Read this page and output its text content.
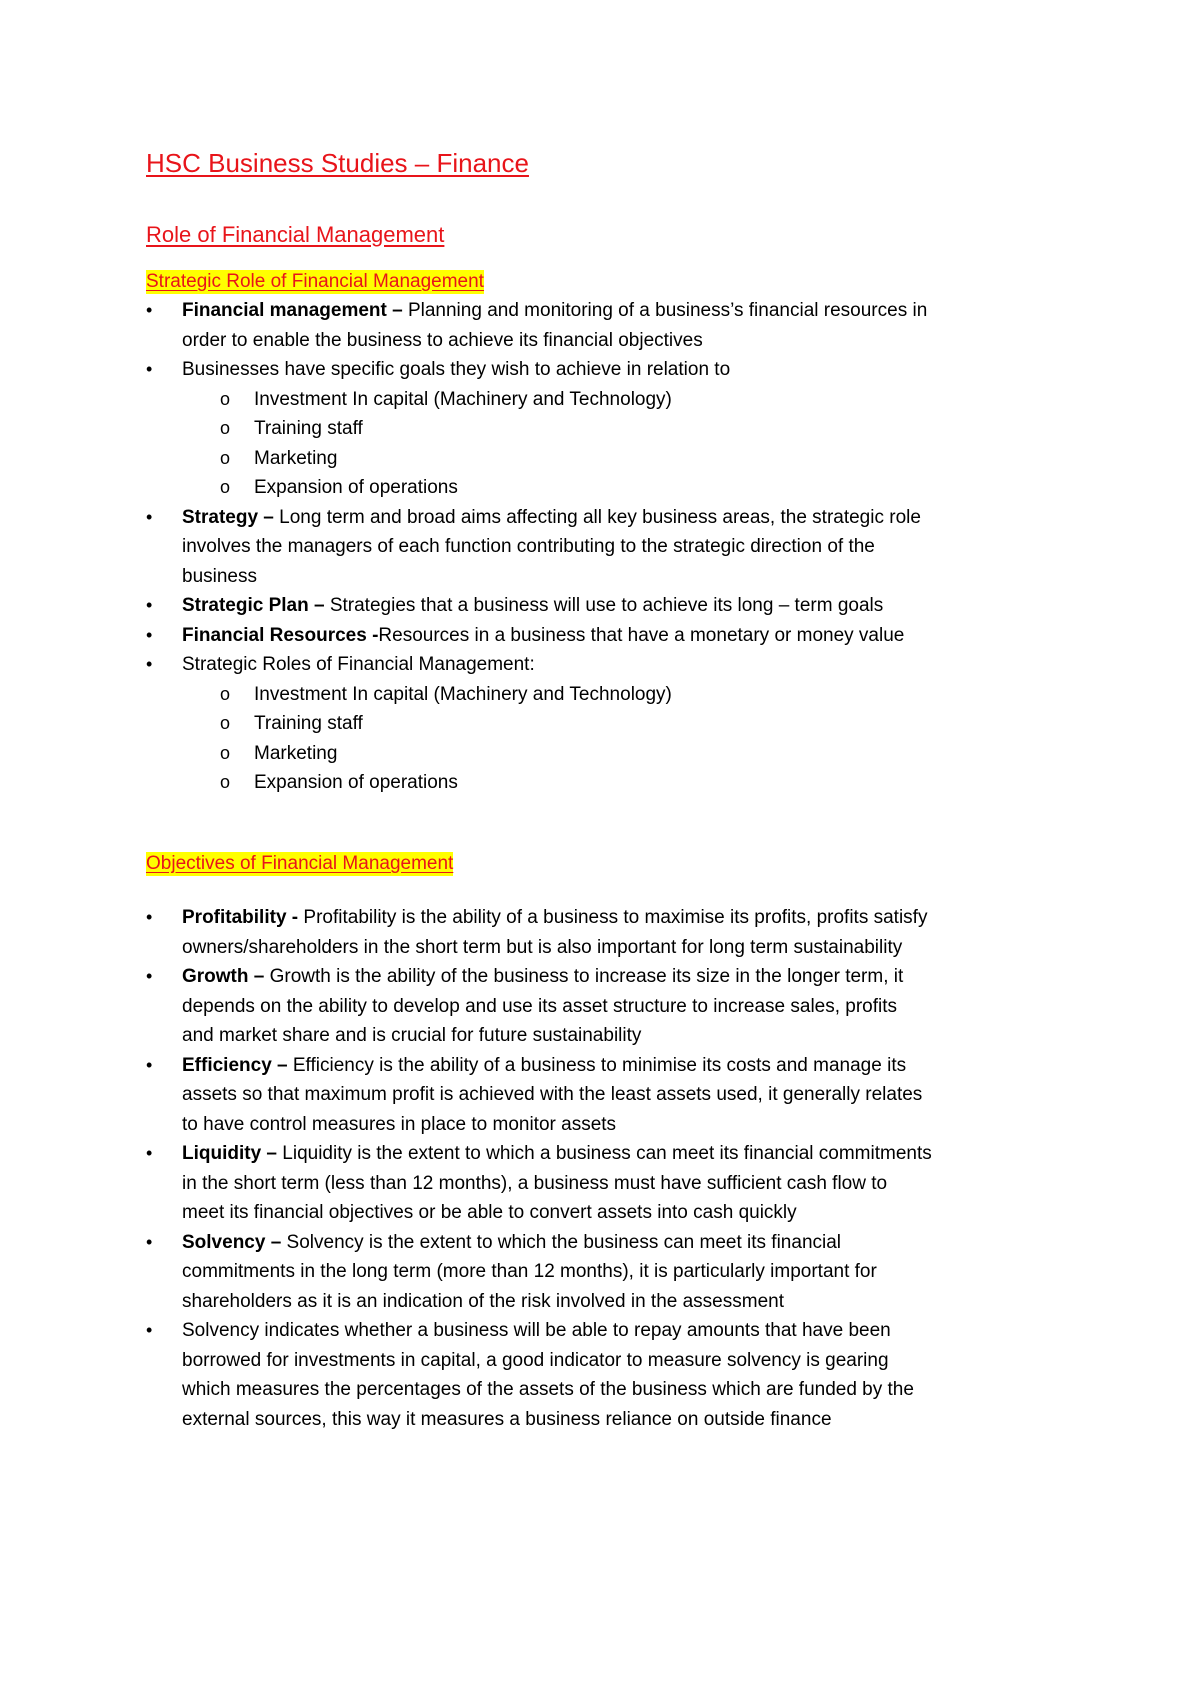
HSC Business Studies – Finance
Role of Financial Management
Strategic Role of Financial Management
•	Financial management – Planning and monitoring of a business’s financial resources in
order to enable the business to achieve its financial objectives
•	Businesses have specific goals they wish to achieve in relation to
o Investment In capital (Machinery and Technology)
o Training staff
o Marketing
o Expansion of operations
•	Strategy – Long term and broad aims affecting all key business areas, the strategic role
involves the managers of each function contributing to the strategic direction of the
business
•	Strategic Plan – Strategies that a business will use to achieve its long – term goals
•	Financial Resources -Resources in a business that have a monetary or money value
•	Strategic Roles of Financial Management:
o Investment In capital (Machinery and Technology)
o Training staff
o Marketing
o Expansion of operations
Objectives of Financial Management
•	Profitability - Profitability is the ability of a business to maximise its profits, profits satisfy
owners/shareholders in the short term but is also important for long term sustainability
•	Growth – Growth is the ability of the business to increase its size in the longer term, it
depends on the ability to develop and use its asset structure to increase sales, profits
and market share and is crucial for future sustainability
•	Efficiency – Efficiency is the ability of a business to minimise its costs and manage its
assets so that maximum profit is achieved with the least assets used, it generally relates
to have control measures in place to monitor assets
•	Liquidity – Liquidity is the extent to which a business can meet its financial commitments
in the short term (less than 12 months), a business must have sufficient cash flow to
meet its financial objectives or be able to convert assets into cash quickly
•	Solvency – Solvency is the extent to which the business can meet its financial
commitments in the long term (more than 12 months), it is particularly important for
shareholders as it is an indication of the risk involved in the assessment
•	Solvency indicates whether a business will be able to repay amounts that have been
borrowed for investments in capital, a good indicator to measure solvency is gearing
which measures the percentages of the assets of the business which are funded by the
external sources, this way it measures a business reliance on outside finance
